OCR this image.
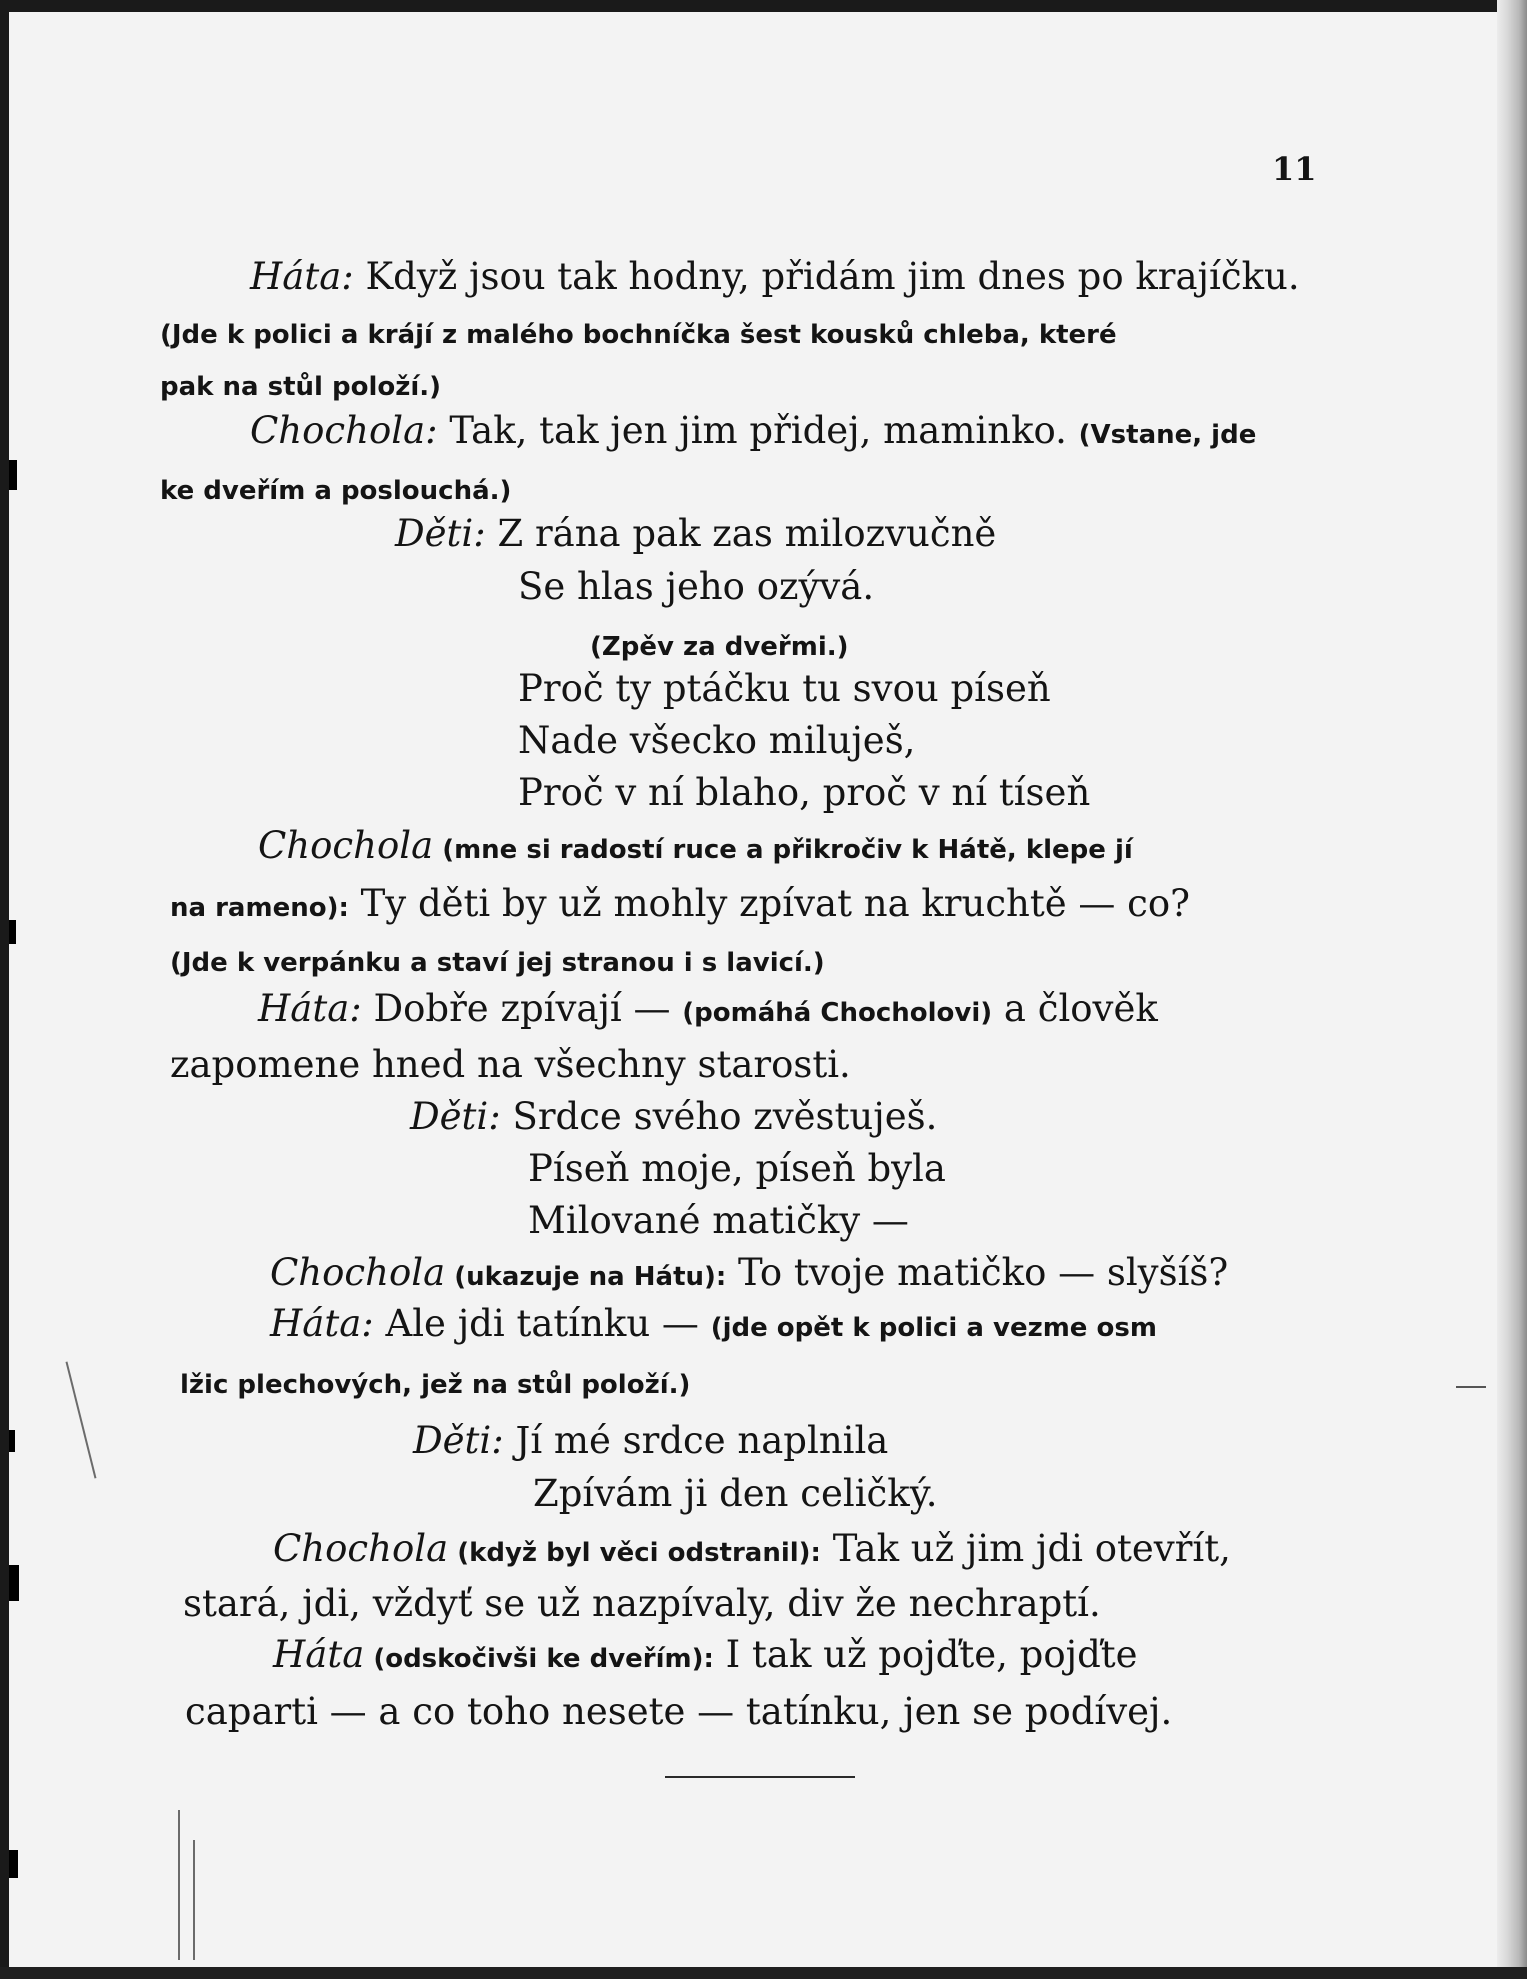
11
Háta: Když jsou tak hodny, přidám jim dnes po krajíčku.
(Jde k polici a krájí z malého bochníčka šest kousků chleba, které
pak na stůl položí.)
Chochola: Tak, tak jen jim přidej, maminko. (Vstane, jde
ke dveřím a poslouchá.)
Děti: Z rána pak zas milozvučně
Se hlas jeho ozývá.
(Zpěv za dveřmi.)
Proč ty ptáčku tu svou píseň
Nade všecko miluješ,
Proč v ní blaho, proč v ní tíseň
Chochola (mne si radostí ruce a přikročiv k Hátě, klepe jí
na rameno): Ty děti by už mohly zpívat na kruchtě — co?
(Jde k verpánku a staví jej stranou i s lavicí.)
Háta: Dobře zpívají — (pomáhá Chocholovi) a člověk
zapomene hned na všechny starosti.
Děti: Srdce svého zvěstuješ.
Píseň moje, píseň byla
Milované matičky —
Chochola (ukazuje na Hátu): To tvoje matičko — slyšíš?
Háta: Ale jdi tatínku — (jde opět k polici a vezme osm
lžic plechových, jež na stůl položí.)
Děti: Jí mé srdce naplnila
Zpívám ji den celičký.
Chochola (když byl věci odstranil): Tak už jim jdi otevřít,
stará, jdi, vždyť se už nazpívaly, div že nechraptí.
Háta (odskočivši ke dveřím): I tak už pojďte, pojďte
caparti — a co toho nesete — tatínku, jen se podívej.
